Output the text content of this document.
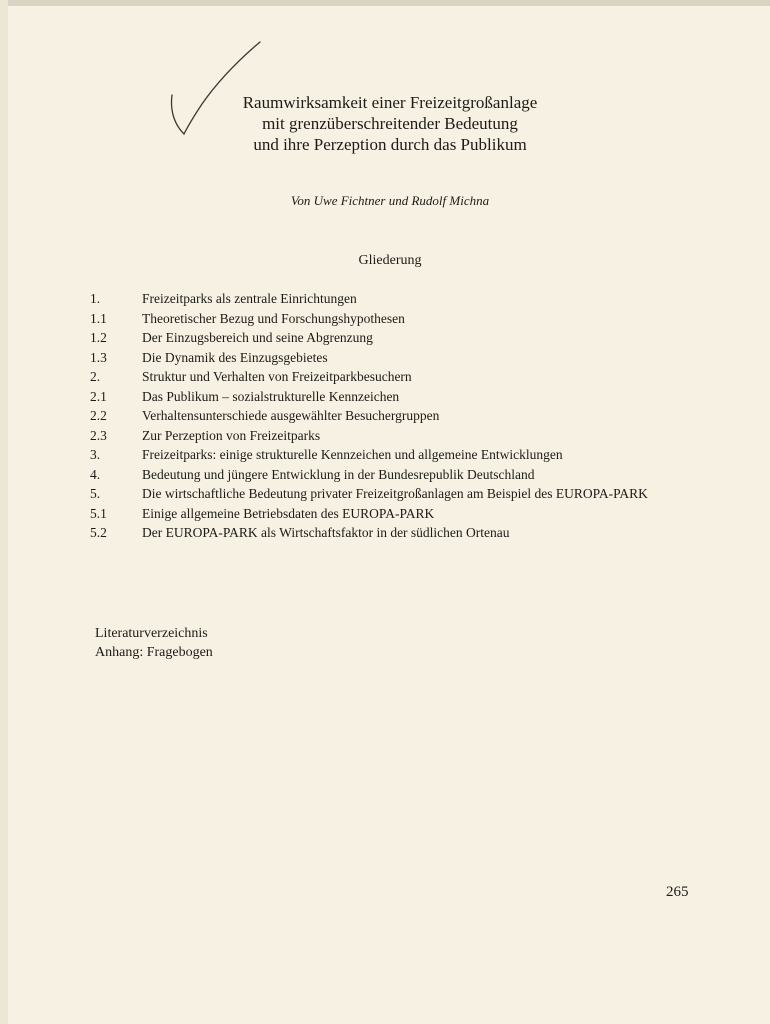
Raumwirksamkeit einer Freizeitgroßanlage
mit grenzüberschreitender Bedeutung
und ihre Perzeption durch das Publikum
Von Uwe Fichtner und Rudolf Michna
Gliederung
1.	Freizeitparks als zentrale Einrichtungen
1.1	Theoretischer Bezug und Forschungshypothesen
1.2	Der Einzugsbereich und seine Abgrenzung
1.3	Die Dynamik des Einzugsgebietes
2.	Struktur und Verhalten von Freizeitparkbesuchern
2.1	Das Publikum – sozialstrukturelle Kennzeichen
2.2	Verhaltensunterschiede ausgewählter Besuchergruppen
2.3	Zur Perzeption von Freizeitparks
3.	Freizeitparks: einige strukturelle Kennzeichen und allgemeine Entwicklungen
4.	Bedeutung und jüngere Entwicklung in der Bundesrepublik Deutschland
5.	Die wirtschaftliche Bedeutung privater Freizeitgroßanlagen am Beispiel des EUROPA-PARK
5.1	Einige allgemeine Betriebsdaten des EUROPA-PARK
5.2	Der EUROPA-PARK als Wirtschaftsfaktor in der südlichen Ortenau
Literaturverzeichnis
Anhang: Fragebogen
265
